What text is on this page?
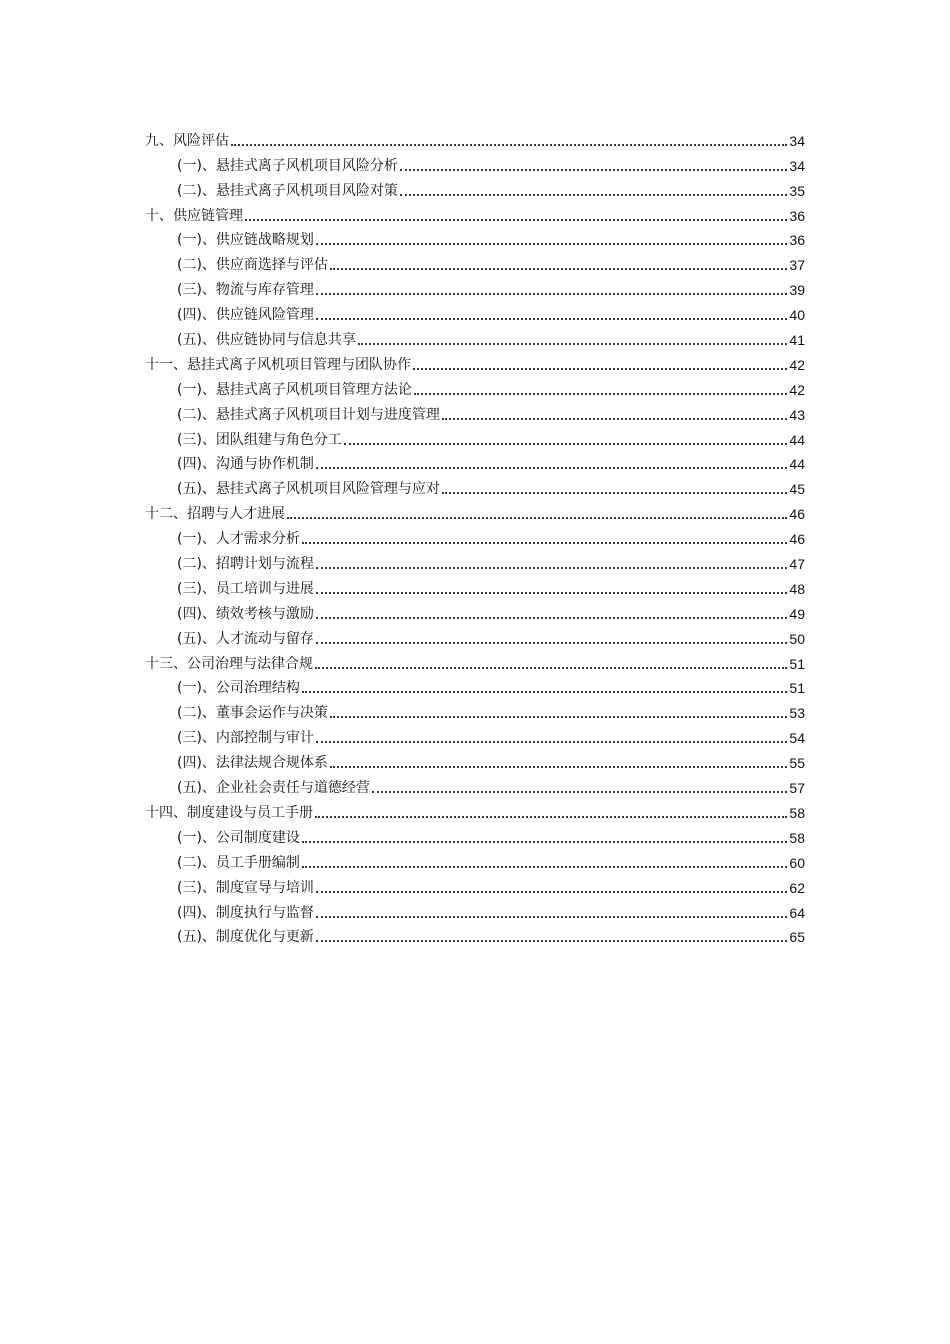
九、风险评估	34
(一)、悬挂式离子风机项目风险分析	34
(二)、悬挂式离子风机项目风险对策	35
十、供应链管理	36
(一)、供应链战略规划	36
(二)、供应商选择与评估	37
(三)、物流与库存管理	39
(四)、供应链风险管理	40
(五)、供应链协同与信息共享	41
十一、悬挂式离子风机项目管理与团队协作	42
(一)、悬挂式离子风机项目管理方法论	42
(二)、悬挂式离子风机项目计划与进度管理	43
(三)、团队组建与角色分工	44
(四)、沟通与协作机制	44
(五)、悬挂式离子风机项目风险管理与应对	45
十二、招聘与人才进展	46
(一)、人才需求分析	46
(二)、招聘计划与流程	47
(三)、员工培训与进展	48
(四)、绩效考核与激励	49
(五)、人才流动与留存	50
十三、公司治理与法律合规	51
(一)、公司治理结构	51
(二)、董事会运作与决策	53
(三)、内部控制与审计	54
(四)、法律法规合规体系	55
(五)、企业社会责任与道德经营	57
十四、制度建设与员工手册	58
(一)、公司制度建设	58
(二)、员工手册编制	60
(三)、制度宣导与培训	62
(四)、制度执行与监督	64
(五)、制度优化与更新	65
